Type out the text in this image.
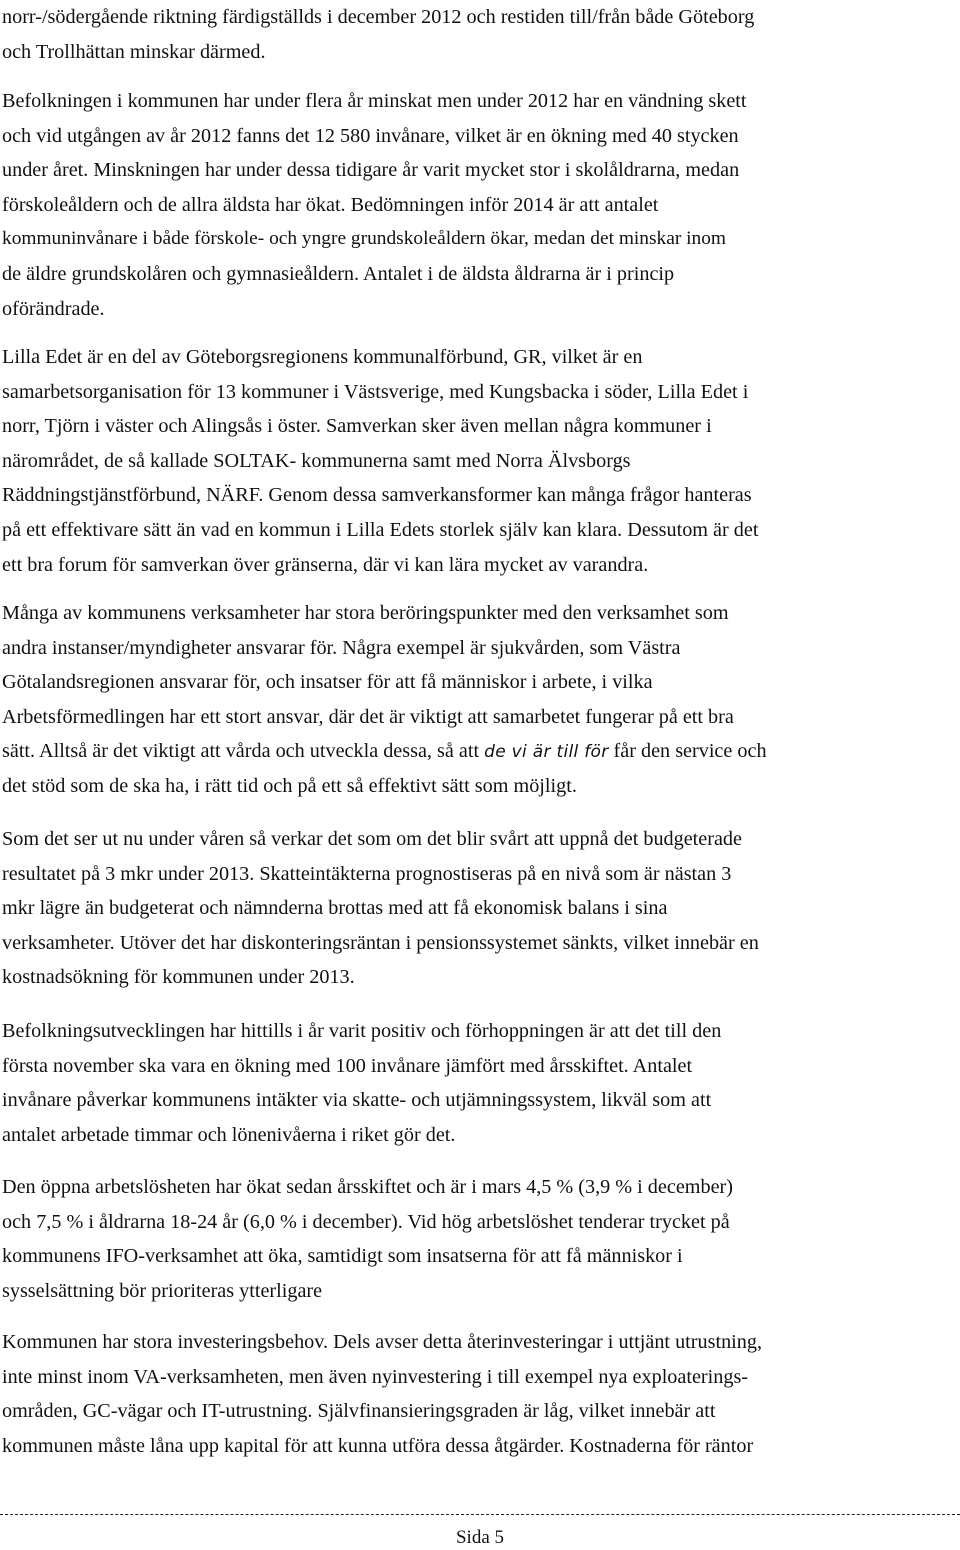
norr-/södergående riktning färdigställds i december 2012 och restiden till/från både Göteborg
och Trollhättan minskar därmed.

Befolkningen i kommunen har under flera år minskat men under 2012 har en vändning skett
och vid utgången av år 2012 fanns det 12 580 invånare, vilket är en ökning med 40 stycken
under året. Minskningen har under dessa tidigare år varit mycket stor i skolåldrarna, medan
förskoleåldern och de allra äldsta har ökat. Bedömningen inför 2014 är att antalet
kommuninvånare i både förskole- och yngre grundskoleåldern ökar, medan det minskar inom
de äldre grundskolåren och gymnasieåldern. Antalet i de äldsta åldrarna är i princip
oförändrade.

Lilla Edet är en del av Göteborgsregionens kommunalförbund, GR, vilket är en
samarbetsorganisation för 13 kommuner i Västsverige, med Kungsbacka i söder, Lilla Edet i
norr, Tjörn i väster och Alingsås i öster. Samverkan sker även mellan några kommuner i
närområdet, de så kallade SOLTAK- kommunerna samt med Norra Älvsborgs
Räddningstjänstförbund, NÄRF. Genom dessa samverkansformer kan många frågor hanteras
på ett effektivare sätt än vad en kommun i Lilla Edets storlek själv kan klara. Dessutom är det
ett bra forum för samverkan över gränserna, där vi kan lära mycket av varandra.

Många av kommunens verksamheter har stora beröringspunkter med den verksamhet som
andra instanser/myndigheter ansvarar för. Några exempel är sjukvården, som Västra
Götalandsregionen ansvarar för, och insatser för att få människor i arbete, i vilka
Arbetsförmedlingen har ett stort ansvar, där det är viktigt att samarbetet fungerar på ett bra
sätt. Alltså är det viktigt att vårda och utveckla dessa, så att de vi är till för får den service och
det stöd som de ska ha, i rätt tid och på ett så effektivt sätt som möjligt.

Som det ser ut nu under våren så verkar det som om det blir svårt att uppnå det budgeterade
resultatet på 3 mkr under 2013. Skatteintäkterna prognostiseras på en nivå som är nästan 3
mkr lägre än budgeterat och nämnderna brottas med att få ekonomisk balans i sina
verksamheter. Utöver det har diskonteringsräntan i pensionssystemet sänkts, vilket innebär en
kostnadsökning för kommunen under 2013.

Befolkningsutvecklingen har hittills i år varit positiv och förhoppningen är att det till den
första november ska vara en ökning med 100 invånare jämfört med årsskiftet. Antalet
invånare påverkar kommunens intäkter via skatte- och utjämningssystem, likväl som att
antalet arbetade timmar och lönenivåerna i riket gör det.

Den öppna arbetslösheten har ökat sedan årsskiftet och är i mars 4,5 % (3,9 % i december)
och 7,5 % i åldrarna 18-24 år (6,0 % i december). Vid hög arbetslöshet tenderar trycket på
kommunens IFO-verksamhet att öka, samtidigt som insatserna för att få människor i
sysselsättning bör prioriteras ytterligare

Kommunen har stora investeringsbehov. Dels avser detta återinvesteringar i uttjänt utrustning,
inte minst inom VA-verksamheten, men även nyinvestering i till exempel nya exploaterings-
områden, GC-vägar och IT-utrustning. Självfinansieringsgraden är låg, vilket innebär att
kommunen måste låna upp kapital för att kunna utföra dessa åtgärder. Kostnaderna för räntor

Sida 5
